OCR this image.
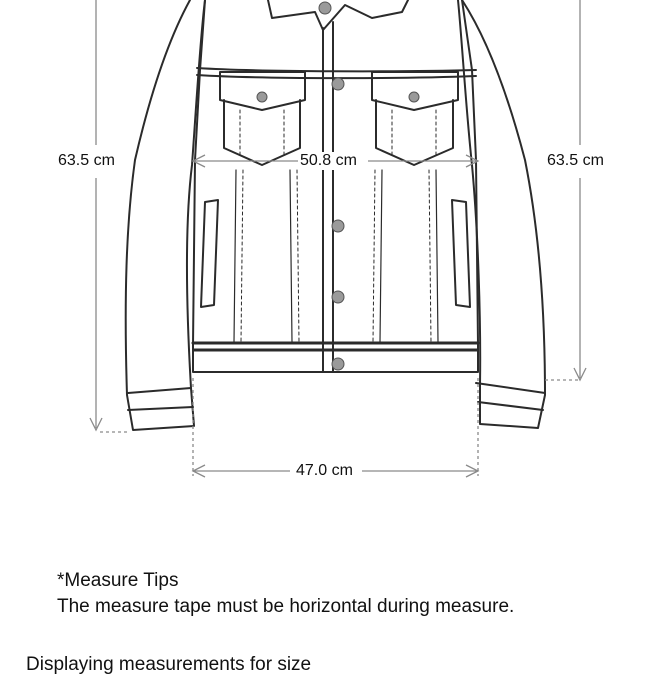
63.5 cm	50.8 cm	63.5 cm
47.0 cm
*Measure Tips
The measure tape must be horizontal during measure.
Displaying measurements for size
